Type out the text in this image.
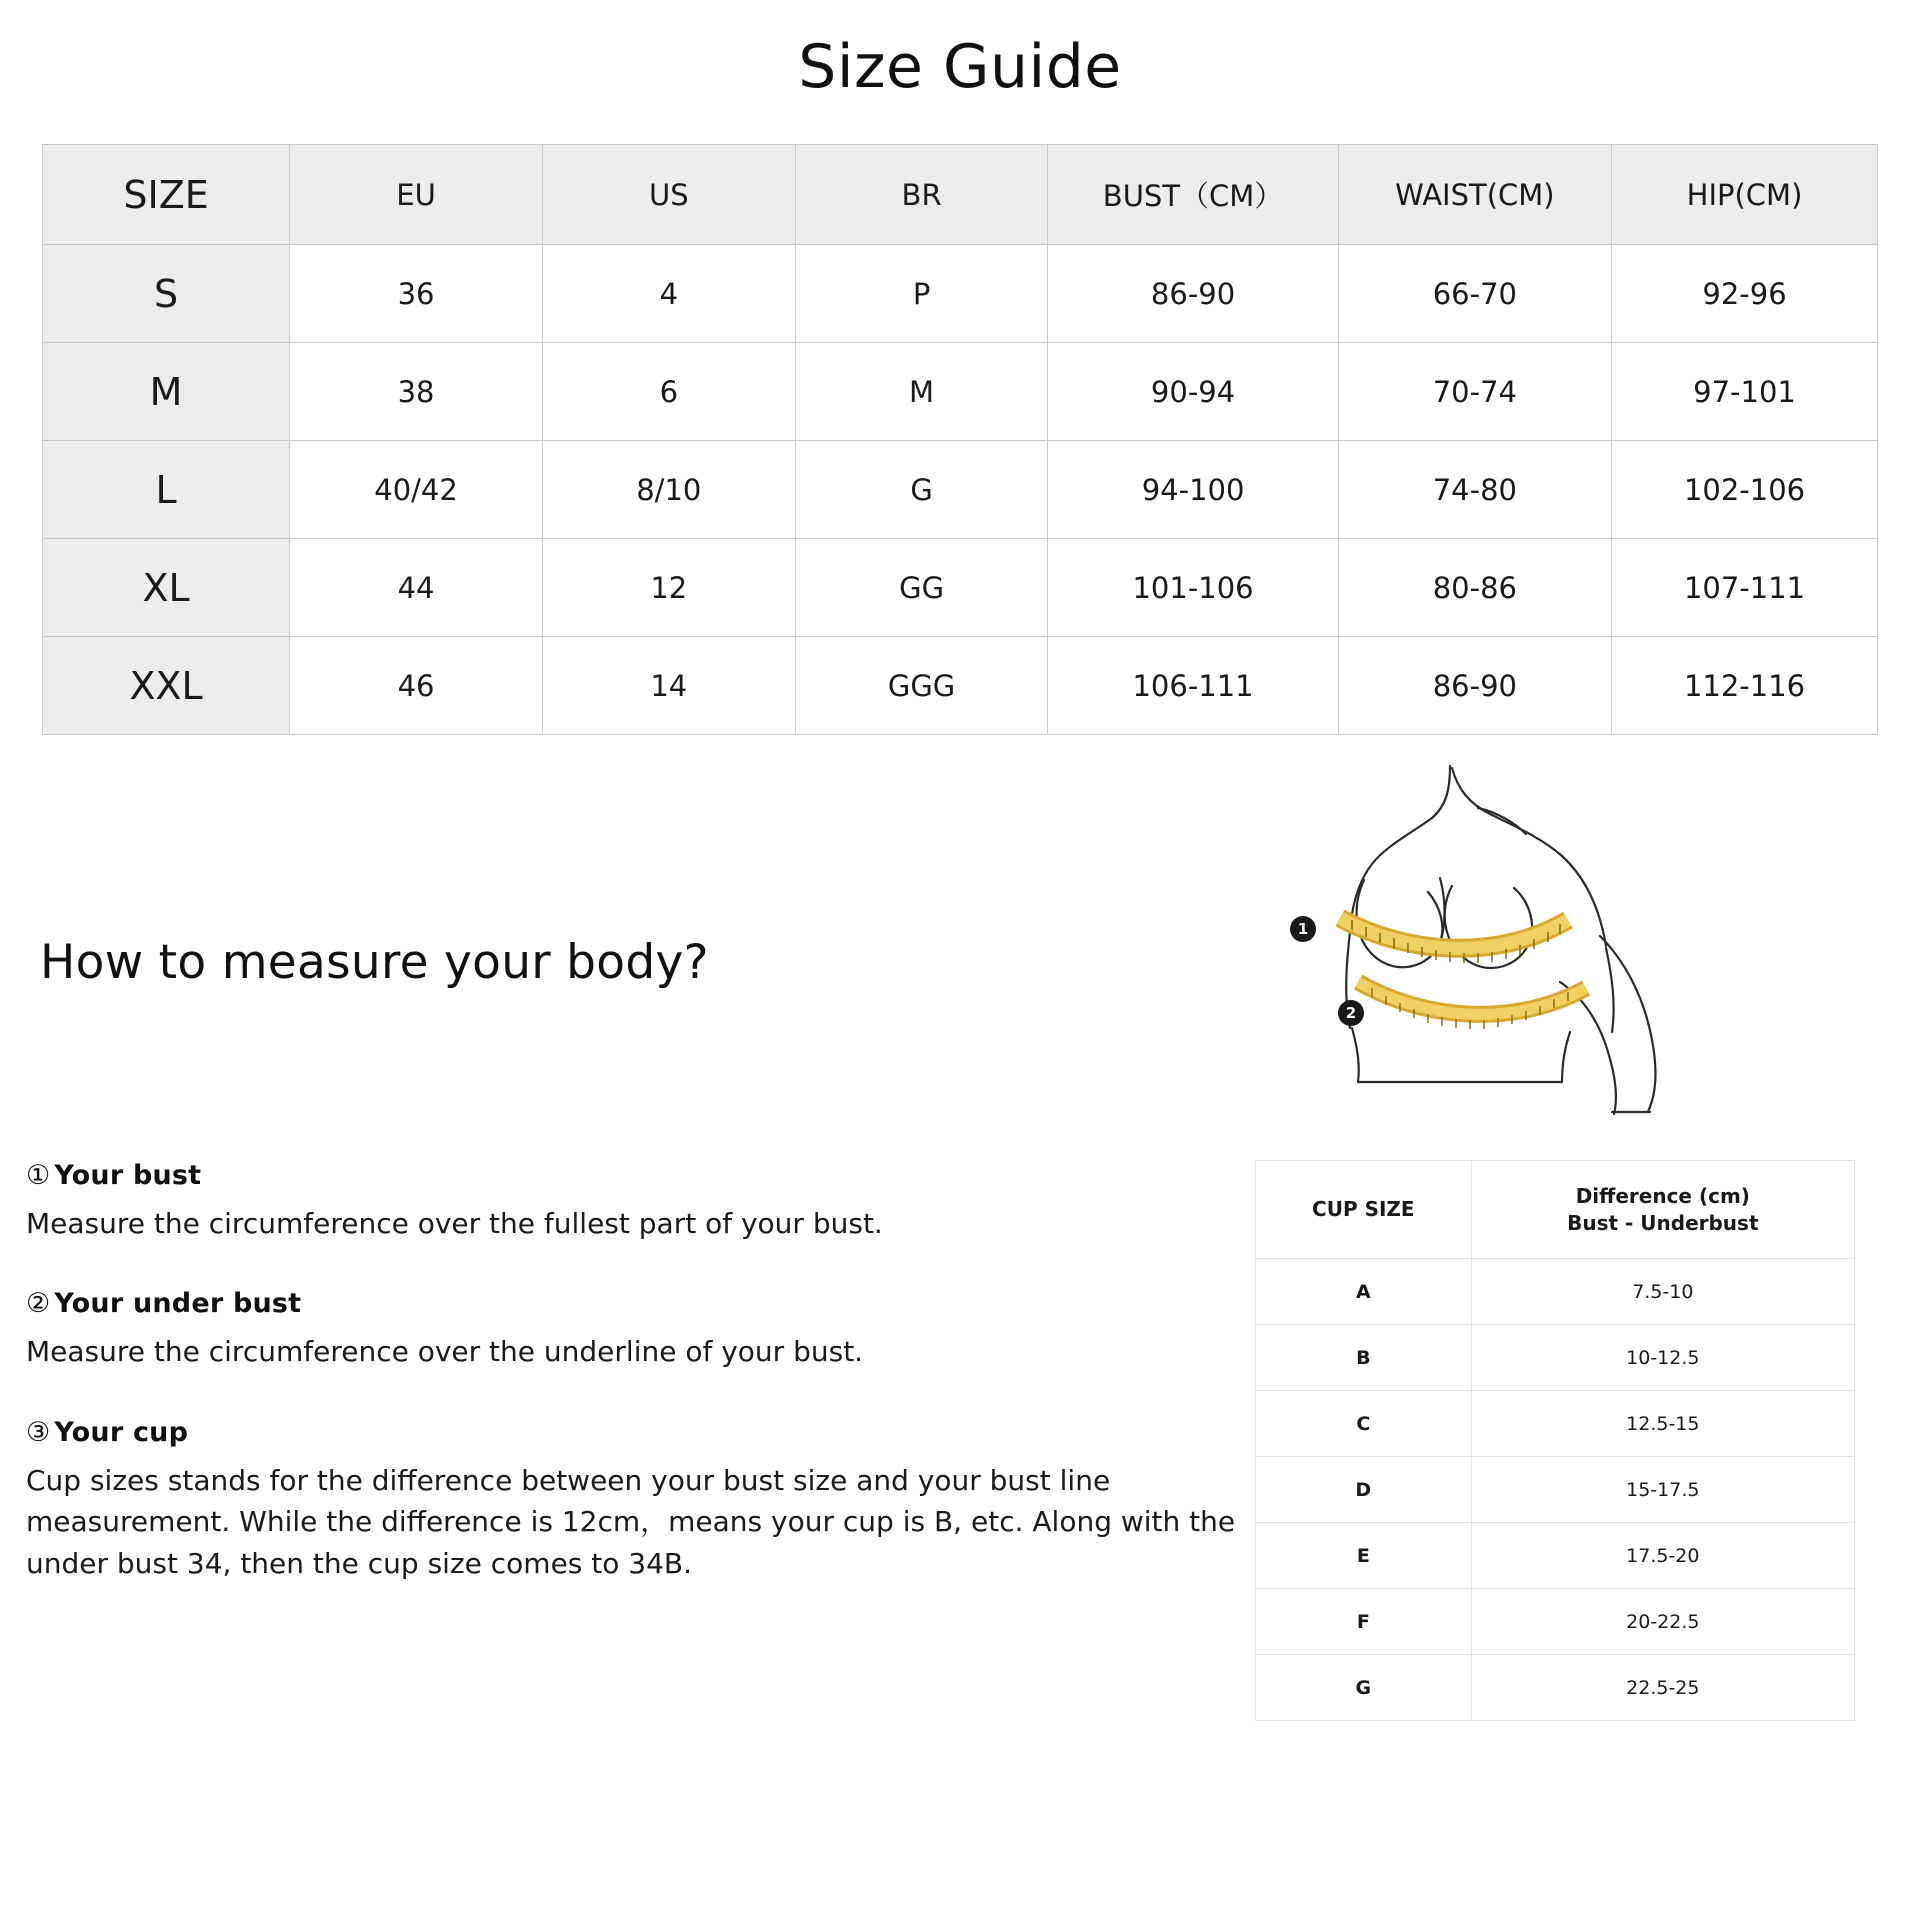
Size Guide
SIZE	EU	US	BR	BUST（CM）	WAIST(CM)	HIP(CM)
S	36	4	P	86-90	66-70	92-96
M	38	6	M	90-94	70-74	97-101
L	40/42	8/10	G	94-100	74-80	102-106
XL	44	12	GG	101-106	80-86	107-111
XXL	46	14	GGG	106-111	86-90	112-116
How to measure your body?
① Your bust
Measure the circumference over the fullest part of your bust.
② Your under bust
Measure the circumference over the underline of your bust.
③ Your cup
Cup sizes stands for the difference between your bust size and your bust line measurement. While the difference is 12cm，means your cup is B, etc. Along with the under bust 34, then the cup size comes to 34B.
1
2
CUP SIZE	Difference (cm)
Bust - Underbust
A	7.5-10
B	10-12.5
C	12.5-15
D	15-17.5
E	17.5-20
F	20-22.5
G	22.5-25
